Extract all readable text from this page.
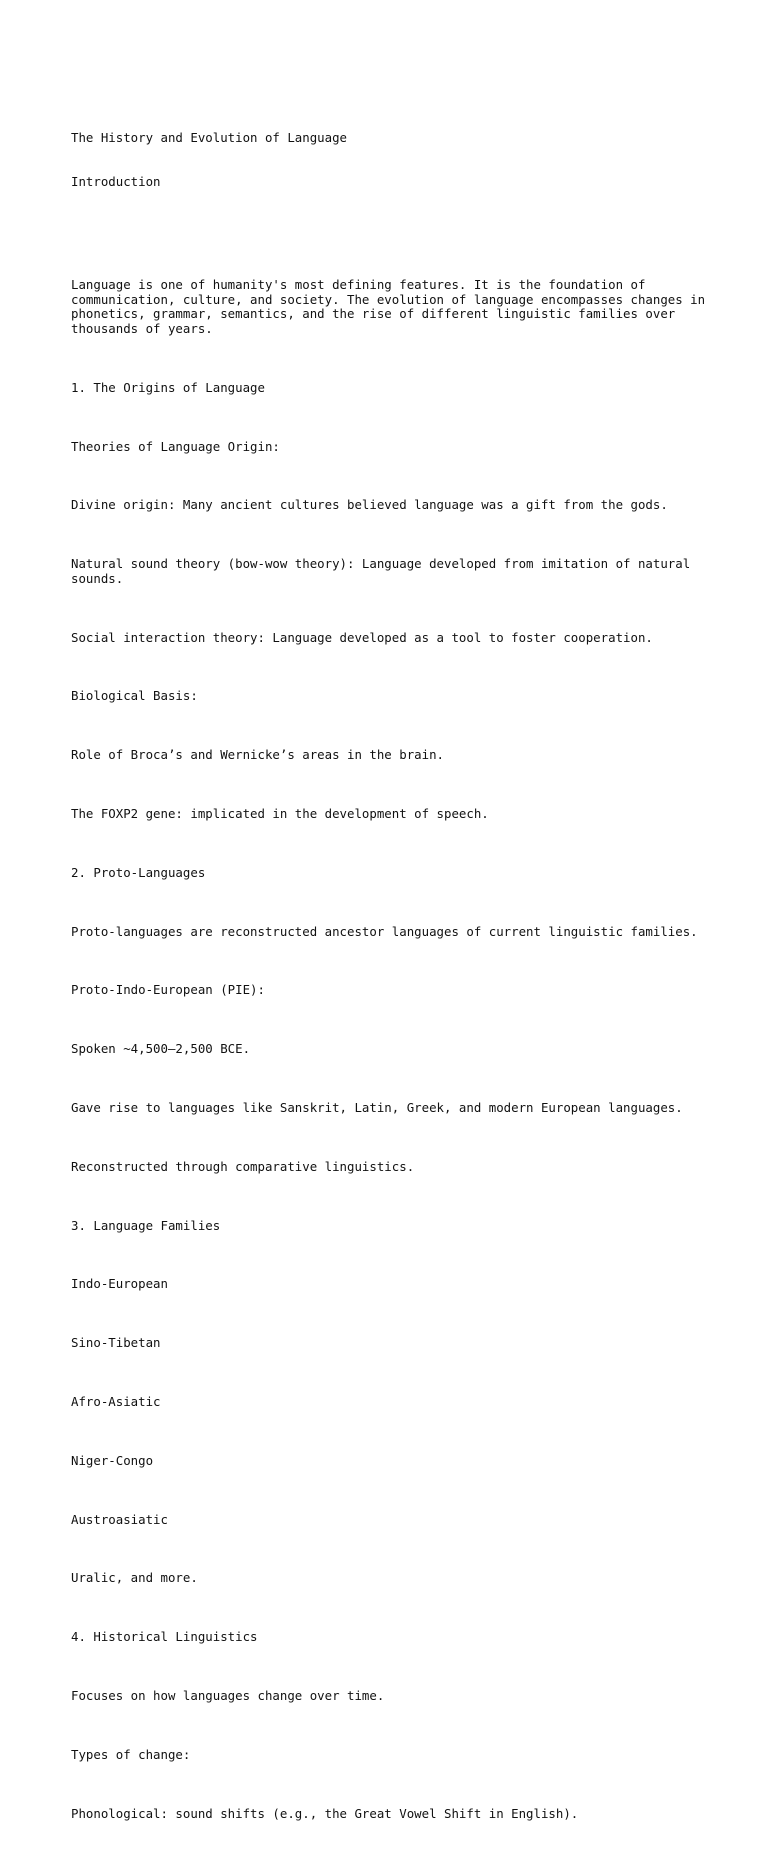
The History and Evolution of Language

Introduction

Language is one of humanity's most defining features. It is the foundation of communication, culture, and society. The evolution of language encompasses changes in phonetics, grammar, semantics, and the rise of different linguistic families over thousands of years.

1. The Origins of Language

Theories of Language Origin:

Divine origin: Many ancient cultures believed language was a gift from the gods.

Natural sound theory (bow-wow theory): Language developed from imitation of natural sounds.

Social interaction theory: Language developed as a tool to foster cooperation.

Biological Basis:

Role of Broca’s and Wernicke’s areas in the brain.

The FOXP2 gene: implicated in the development of speech.

2. Proto-Languages

Proto-languages are reconstructed ancestor languages of current linguistic families.

Proto-Indo-European (PIE):

Spoken ~4,500–2,500 BCE.

Gave rise to languages like Sanskrit, Latin, Greek, and modern European languages.

Reconstructed through comparative linguistics.

3. Language Families

Indo-European

Sino-Tibetan

Afro-Asiatic

Niger-Congo

Austroasiatic

Uralic, and more.

4. Historical Linguistics

Focuses on how languages change over time.

Types of change:

Phonological: sound shifts (e.g., the Great Vowel Shift in English).
